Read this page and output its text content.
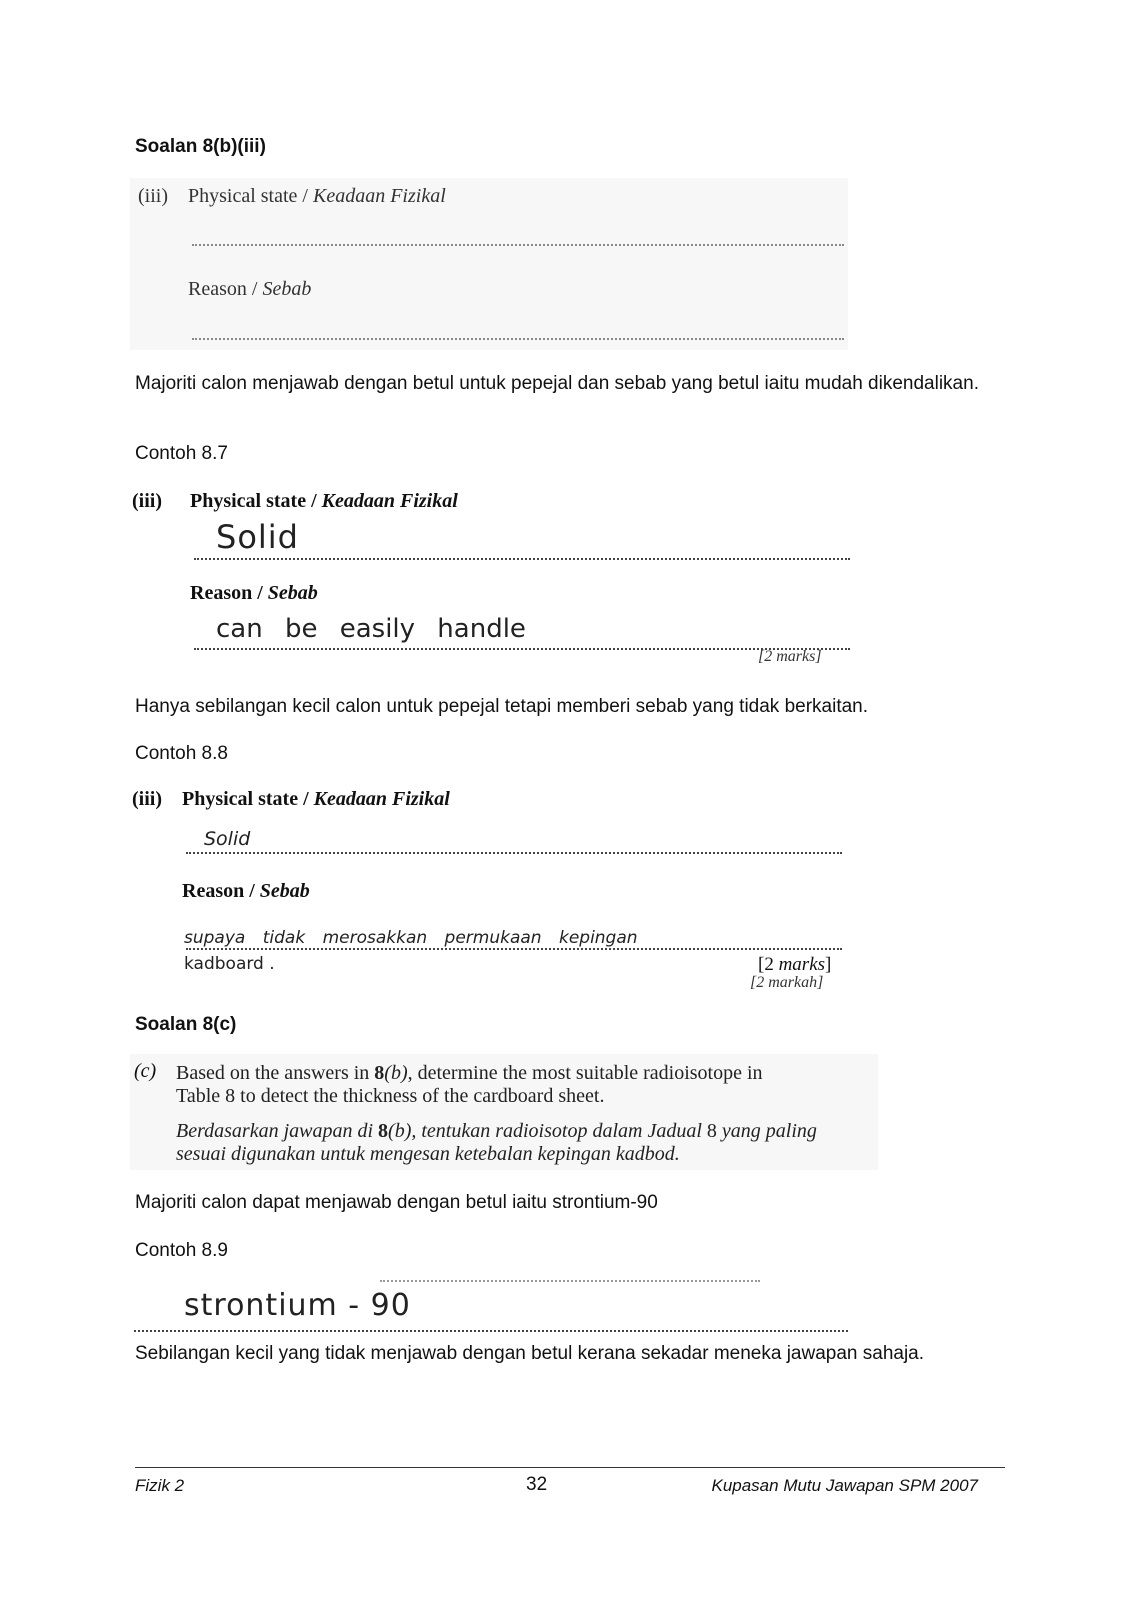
Soalan 8(b)(iii)
(iii) Physical state / Keadaan Fizikal
Reason / Sebab
Majoriti calon menjawab dengan betul untuk pepejal dan sebab yang betul iaitu mudah dikendalikan.
Contoh 8.7
(iii) Physical state / Keadaan Fizikal
Solid
Reason / Sebab
can be easily handle
[2 marks]
Hanya sebilangan kecil calon untuk pepejal tetapi memberi sebab yang tidak berkaitan.
Contoh 8.8
(iii) Physical state / Keadaan Fizikal
Solid
Reason / Sebab
supaya tidak merosakkan permukaan kepingan
kadboard .	[2 marks]
[2 markah]
Soalan 8(c)
(c) Based on the answers in 8(b), determine the most suitable radioisotope in
Table 8 to detect the thickness of the cardboard sheet.
Berdasarkan jawapan di 8(b), tentukan radioisotop dalam Jadual 8 yang paling
sesuai digunakan untuk mengesan ketebalan kepingan kadbod.
Majoriti calon dapat menjawab dengan betul iaitu strontium-90
Contoh 8.9
strontium - 90
Sebilangan kecil yang tidak menjawab dengan betul kerana sekadar meneka jawapan sahaja.
Fizik 2	32	Kupasan Mutu Jawapan SPM 2007
